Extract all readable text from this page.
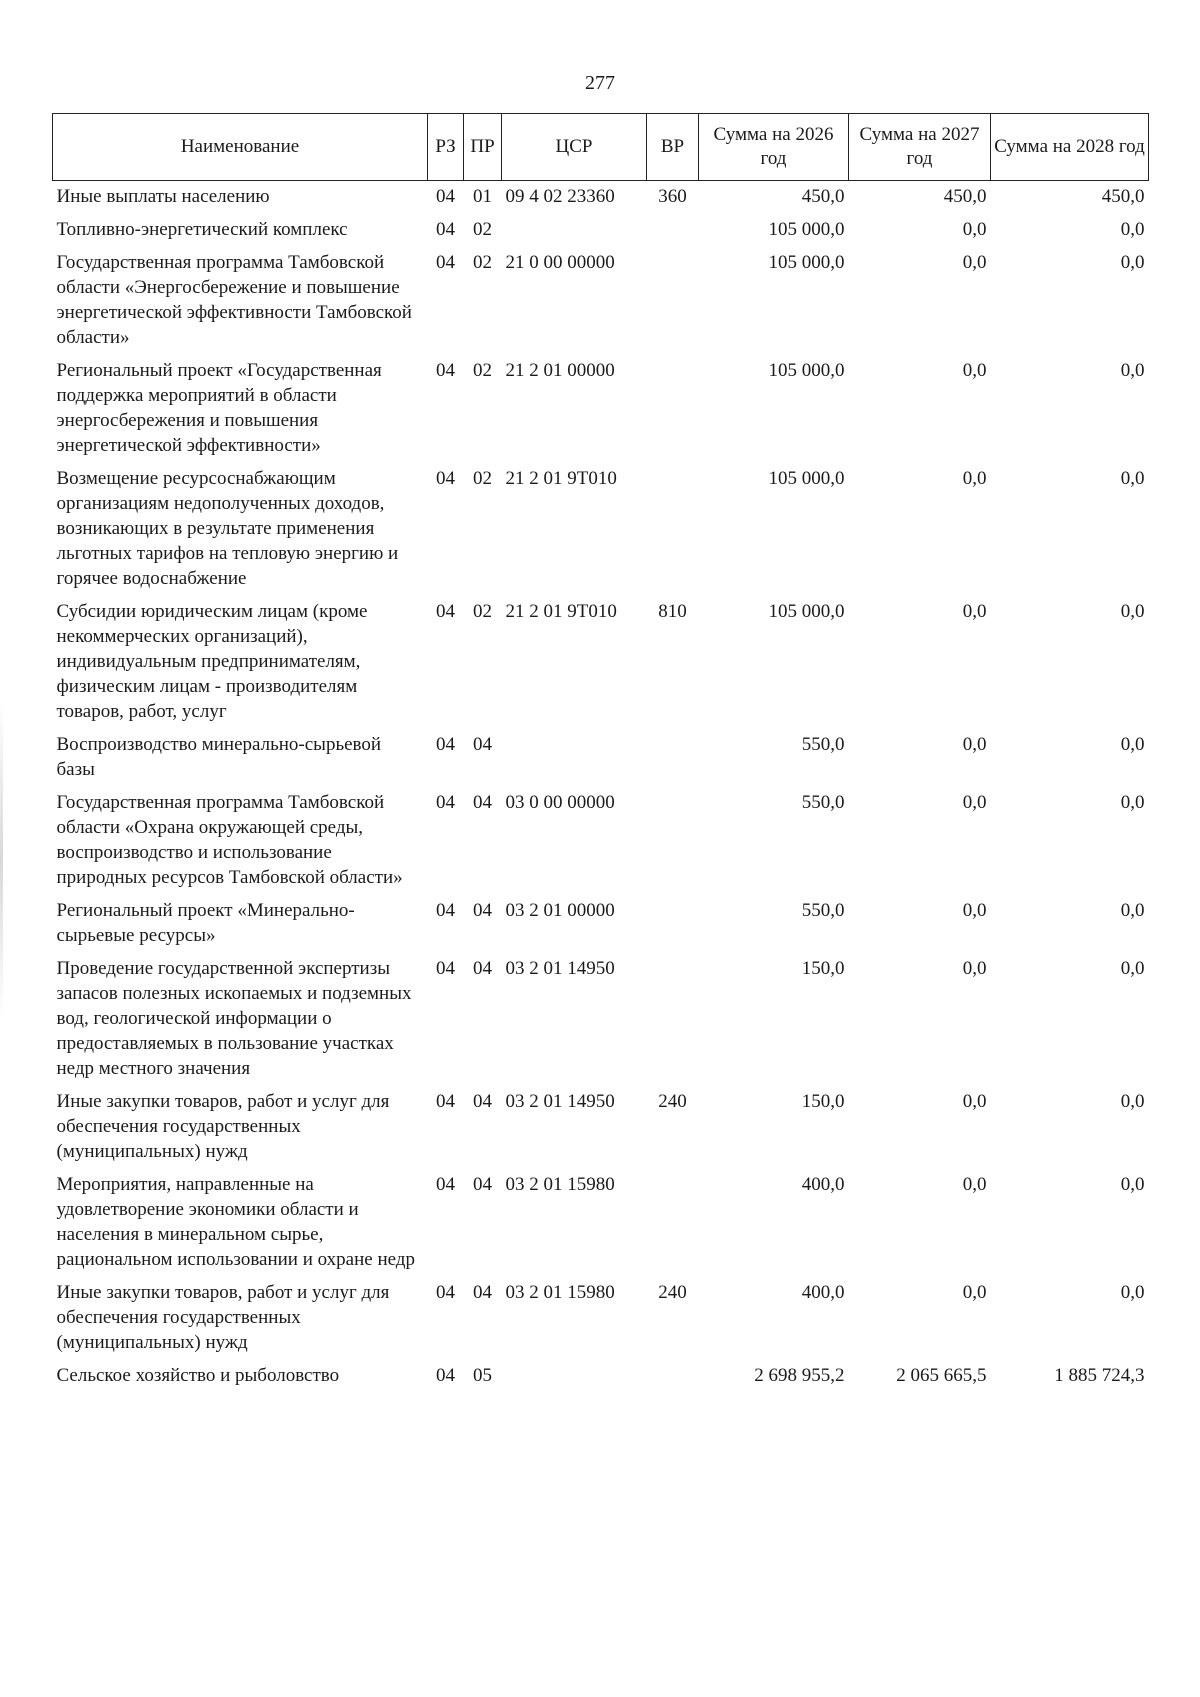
277
Наименование	РЗ	ПР	ЦСР	ВР	Сумма на 2026 год	Сумма на 2027 год	Сумма на 2028 год
Иные выплаты населению	04	01	09 4 02 23360	360	450,0	450,0	450,0
Топливно-энергетический комплекс	04	02			105 000,0	0,0	0,0
Государственная программа Тамбовской области «Энергосбережение и повышение энергетической эффективности Тамбовской области»	04	02	21 0 00 00000		105 000,0	0,0	0,0
Региональный проект «Государственная поддержка мероприятий в области энергосбережения и повышения энергетической эффективности»	04	02	21 2 01 00000		105 000,0	0,0	0,0
Возмещение ресурсоснабжающим организациям недополученных доходов, возникающих в результате применения льготных тарифов на тепловую энергию и горячее водоснабжение	04	02	21 2 01 9Т010		105 000,0	0,0	0,0
Субсидии юридическим лицам (кроме некоммерческих организаций), индивидуальным предпринимателям, физическим лицам - производителям товаров, работ, услуг	04	02	21 2 01 9Т010	810	105 000,0	0,0	0,0
Воспроизводство минерально-сырьевой базы	04	04			550,0	0,0	0,0
Государственная программа Тамбовской области «Охрана окружающей среды, воспроизводство и использование природных ресурсов Тамбовской области»	04	04	03 0 00 00000		550,0	0,0	0,0
Региональный проект «Минерально-сырьевые ресурсы»	04	04	03 2 01 00000		550,0	0,0	0,0
Проведение государственной экспертизы запасов полезных ископаемых и подземных вод, геологической информации о предоставляемых в пользование участках недр местного значения	04	04	03 2 01 14950		150,0	0,0	0,0
Иные закупки товаров, работ и услуг для обеспечения государственных (муниципальных) нужд	04	04	03 2 01 14950	240	150,0	0,0	0,0
Мероприятия, направленные на удовлетворение экономики области и населения в минеральном сырье, рациональном использовании и охране недр	04	04	03 2 01 15980		400,0	0,0	0,0
Иные закупки товаров, работ и услуг для обеспечения государственных (муниципальных) нужд	04	04	03 2 01 15980	240	400,0	0,0	0,0
Сельское хозяйство и рыболовство	04	05			2 698 955,2	2 065 665,5	1 885 724,3
